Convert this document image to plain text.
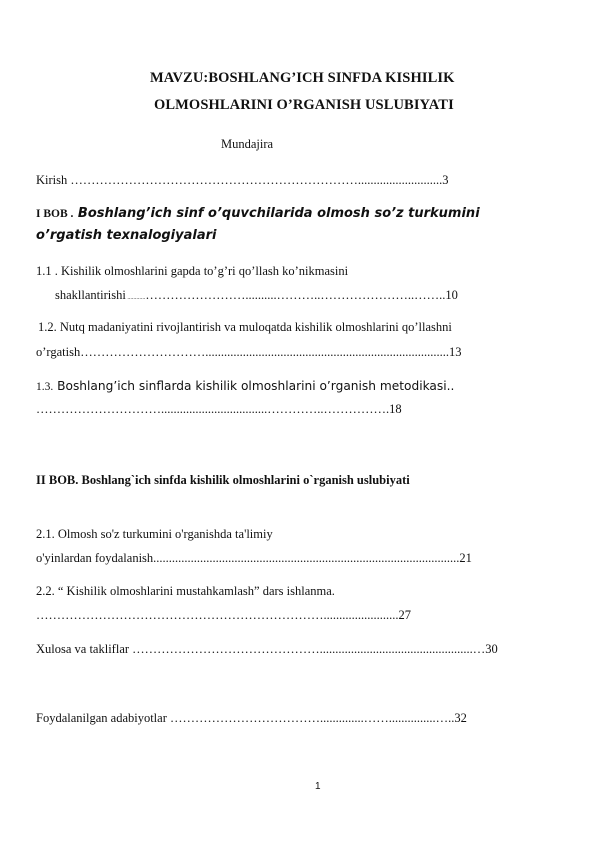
MAVZU:BOSHLANG’ICH SINFDA KISHILIK
OLMOSHLARINI O’RGANISH USLUBIYATI
Mundajira
Kirish ……………………………………………………………...........................3
I BOB . Boshlang’ich sinf o’quvchilarida olmosh so’z turkumini
o’rgatish texnalogiyalari
1.1 . Kishilik olmoshlarini gapda to’g’ri qo’llash ko’nikmasini
shakllantirishi ............……………………..........………..…………………..……..10
1.2. Nutq madaniyatini rivojlantirish va muloqatda kishilik olmoshlarini qo’llashni
o’rgatish…………………………..............................................................................13
1.3. Boshlang’ich sinflarda kishilik olmoshlarini o’rganish metodikasi..
…………………………..................................…………..…………….18
II BOB. Boshlang`ich sinfda kishilik olmoshlarini o`rganish uslubiyati
2.1. Olmosh so'z turkumini o'rganishda ta'limiy
o'yinlardan foydalanish..................................................................................................21
2.2. “ Kishilik olmoshlarini mustahkamlash” dars ishlanma.
……………………………………………………………........................27
Xulosa va takliflar ……………………………………….................................................…30
Foydalanilgan adabiyotlar ………………………………..............……...............…..32
1
